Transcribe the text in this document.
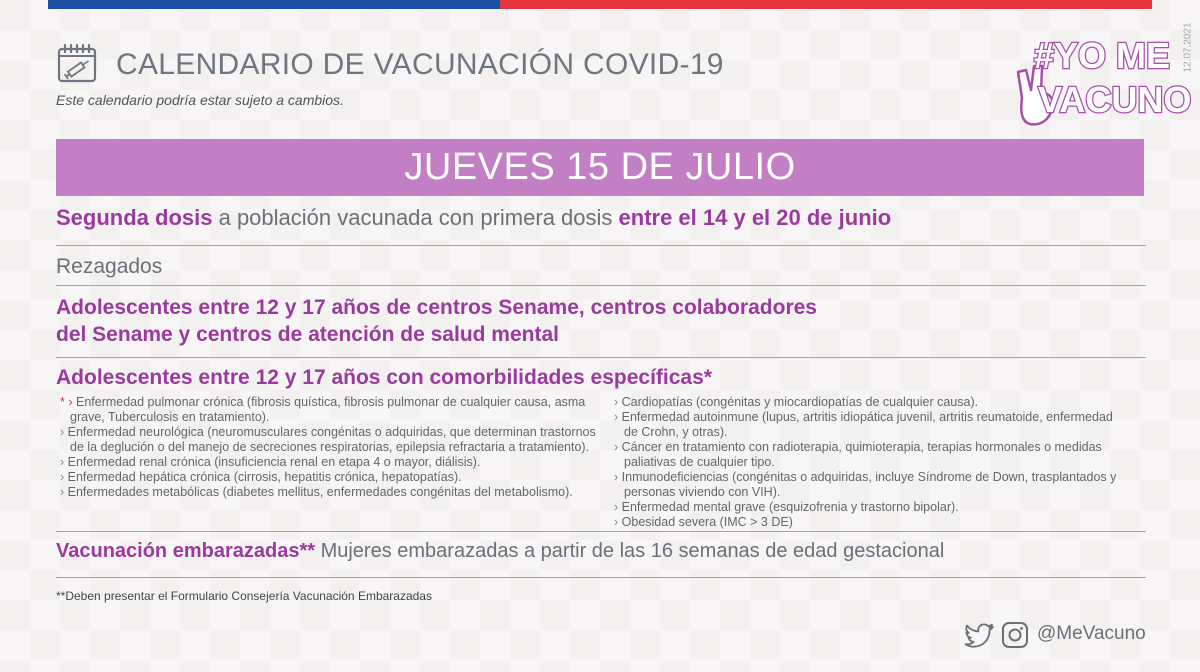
CALENDARIO DE VACUNACIÓN COVID-19
Este calendario podría estar sujeto a cambios.
12.07.2021
#YO ME
VACUNO
JUEVES 15 DE JULIO
Segunda dosis a población vacunada con primera dosis entre el 14 y el 20 de junio
Rezagados
Adolescentes entre 12 y 17 años de centros Sename, centros colaboradores
del Sename y centros de atención de salud mental
Adolescentes entre 12 y 17 años con comorbilidades específicas*

* › Enfermedad pulmonar crónica (fibrosis quística, fibrosis pulmonar de cualquier causa, asma grave, Tuberculosis en tratamiento).

› Enfermedad neurológica (neuromusculares congénitas o adquiridas, que determinan trastornos de la deglución o del manejo de secreciones respiratorias, epilepsia refractaria a tratamiento).

› Enfermedad renal crónica (insuficiencia renal en etapa 4 o mayor, diálisis).

› Enfermedad hepática crónica (cirrosis, hepatitis crónica, hepatopatías).

› Enfermedades metabólicas (diabetes mellitus, enfermedades congénitas del metabolismo).

› Cardiopatías (congénitas y miocardiopatías de cualquier causa).

› Enfermedad autoinmune (lupus, artritis idiopática juvenil, artritis reumatoide, enfermedad de Crohn, y otras).

› Cáncer en tratamiento con radioterapia, quimioterapia, terapias hormonales o medidas paliativas de cualquier tipo.

› Inmunodeficiencias (congénitas o adquiridas, incluye Síndrome de Down, trasplantados y personas viviendo con VIH).

› Enfermedad mental grave (esquizofrenia y trastorno bipolar).

› Obesidad severa (IMC > 3 DE)

Vacunación embarazadas** Mujeres embarazadas a partir de las 16 semanas de edad gestacional
**Deben presentar el Formulario Consejería Vacunación Embarazadas
@MeVacuno
